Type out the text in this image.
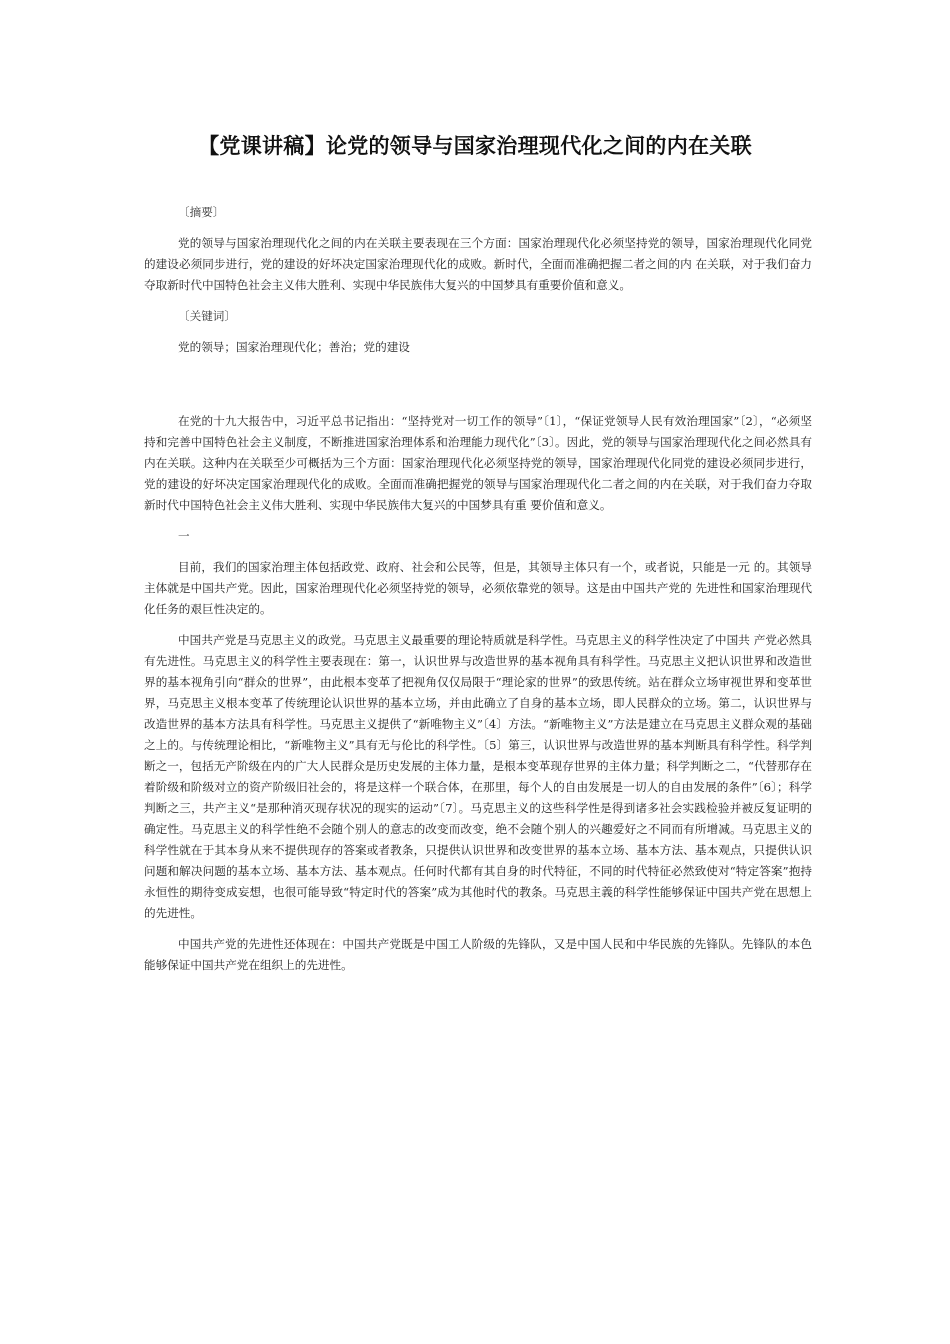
【党课讲稿】论党的领导与国家治理现代化之间的内在关联

〔摘要〕

党的领导与国家治理现代化之间的内在关联主要表现在三个方面：国家治理现代化必须坚持党的领导，国家治理现代化同党的建设必须同步进行，党的建设的好坏决定国家治理现代化的成败。新时代，全面而准确把握二者之间的内 在关联，对于我们奋力夺取新时代中国特色社会主义伟大胜利、实现中华民族伟大复兴的中国梦具有重要价值和意义。

〔关键词〕

党的领导；国家治理现代化；善治；党的建设

在党的十九大报告中，习近平总书记指出：“坚持党对一切工作的领导”〔1〕，“保证党领导人民有效治理国家”〔2〕，“必须坚持和完善中国特色社会主义制度，不断推进国家治理体系和治理能力现代化”〔3〕。因此，党的领导与国家治理现代化之间必然具有内在关联。这种内在关联至少可概括为三个方面：国家治理现代化必须坚持党的领导，国家治理现代化同党的建设必须同步进行，党的建设的好坏决定国家治理现代化的成败。全面而准确把握党的领导与国家治理现代化二者之间的内在关联，对于我们奋力夺取新时代中国特色社会主义伟大胜利、实现中华民族伟大复兴的中国梦具有重 要价值和意义。

一

目前，我们的国家治理主体包括政党、政府、社会和公民等，但是，其领导主体只有一个，或者说，只能是一元 的。其领导主体就是中国共产党。因此，国家治理现代化必须坚持党的领导，必须依靠党的领导。这是由中国共产党的 先进性和国家治理现代化任务的艰巨性决定的。

中国共产党是马克思主义的政党。马克思主义最重要的理论特质就是科学性。马克思主义的科学性决定了中国共 产党必然具有先进性。马克思主义的科学性主要表现在：第一，认识世界与改造世界的基本视角具有科学性。马克思主义把认识世界和改造世界的基本视角引向“群众的世界”，由此根本变革了把视角仅仅局限于“理论家的世界”的致思传统。站在群众立场审视世界和变革世界，马克思主义根本变革了传统理论认识世界的基本立场，并由此确立了自身的基本立场，即人民群众的立场。第二，认识世界与改造世界的基本方法具有科学性。马克思主义提供了“新唯物主义”〔4〕方法。“新唯物主义”方法是建立在马克思主义群众观的基础之上的。与传统理论相比，“新唯物主义”具有无与伦比的科学性。〔5〕第三，认识世界与改造世界的基本判断具有科学性。科学判断之一，包括无产阶级在内的广大人民群众是历史发展的主体力量，是根本变革现存世界的主体力量；科学判断之二，“代替那存在着阶级和阶级对立的资产阶级旧社会的，将是这样一个联合体，在那里，每个人的自由发展是一切人的自由发展的条件”〔6〕；科学判断之三，共产主义“是那种消灭现存状况的现实的运动”〔7〕。马克思主义的这些科学性是得到诸多社会实践检验并被反复证明的确定性。马克思主义的科学性绝不会随个别人的意志的改变而改变，绝不会随个别人的兴趣爱好之不同而有所增减。马克思主义的科学性就在于其本身从来不提供现存的答案或者教条，只提供认识世界和改变世界的基本立场、基本方法、基本观点，只提供认识问题和解决问题的基本立场、基本方法、基本观点。任何时代都有其自身的时代特征，不同的时代特征必然致使对“特定答案”抱持永恒性的期待变成妄想，也很可能导致“特定时代的答案”成为其他时代的教条。马克思主義的科学性能够保证中国共产党在思想上的先进性。

中国共产党的先进性还体现在：中国共产党既是中国工人阶级的先锋队，又是中国人民和中华民族的先锋队。先锋队的本色能够保证中国共产党在组织上的先进性。
